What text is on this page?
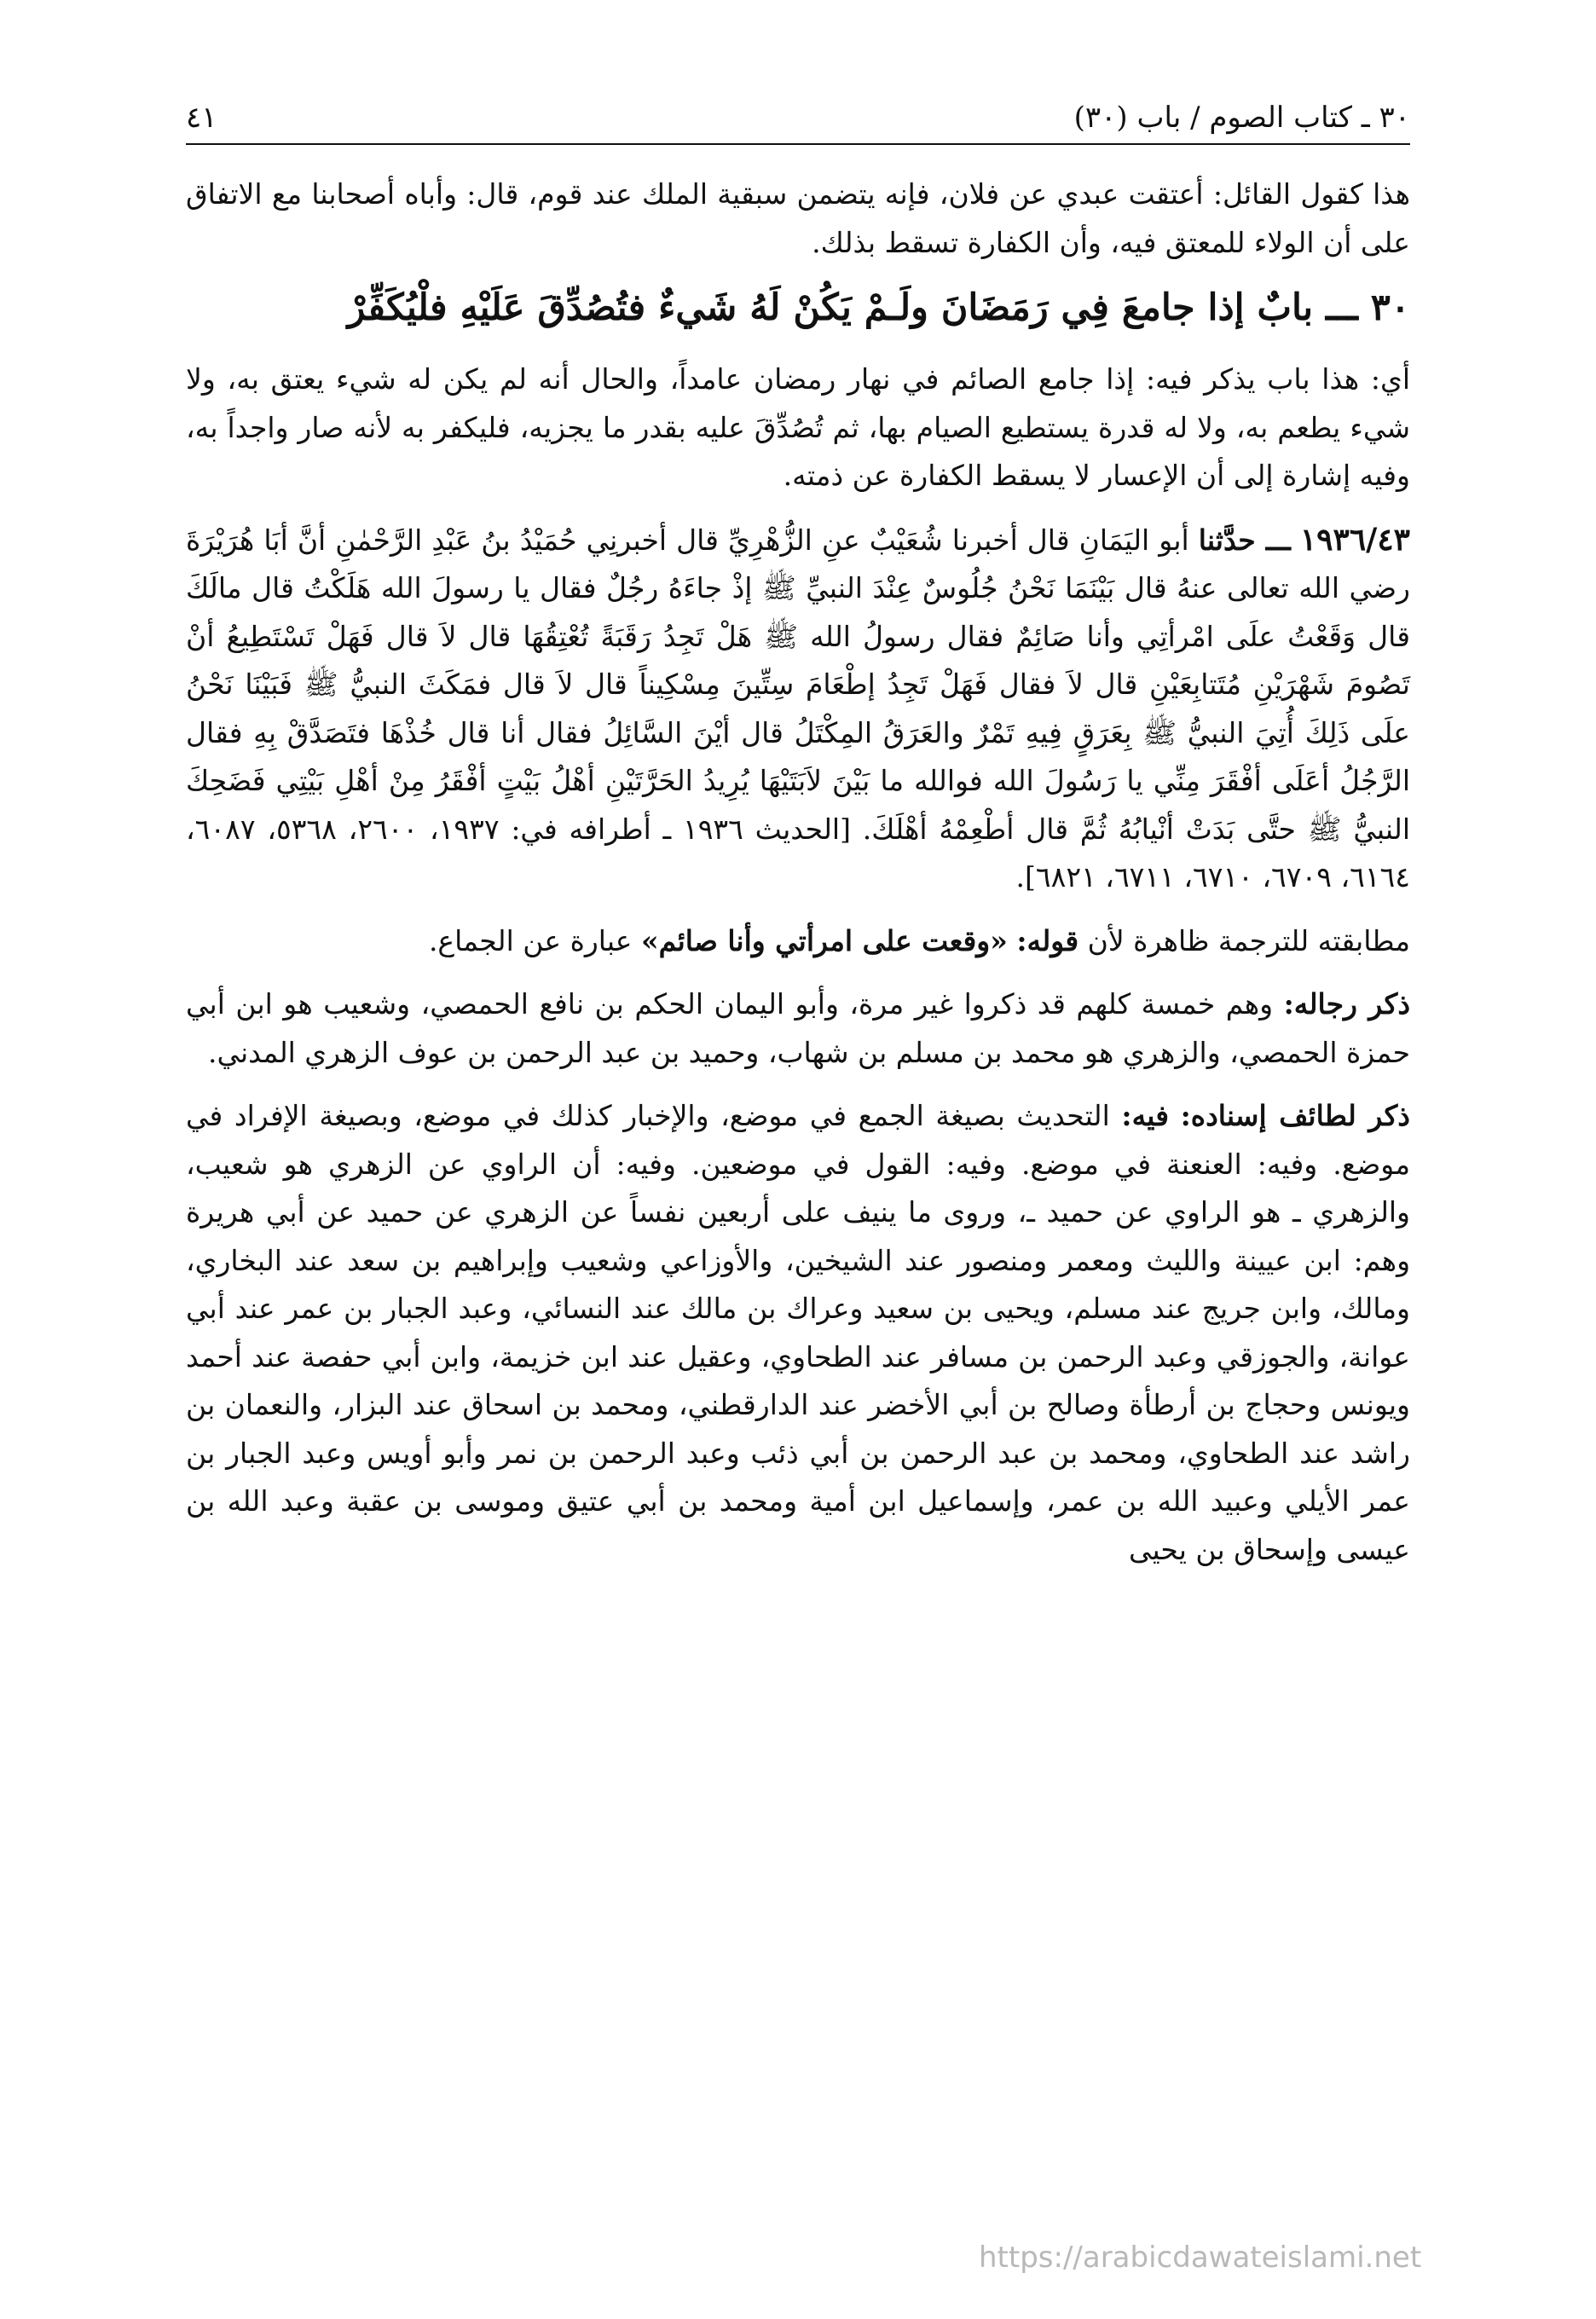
٣٠ ـ كتاب الصوم / باب (٣٠)
٤١

هذا كقول القائل: أعتقت عبدي عن فلان، فإنه يتضمن سبقية الملك عند قوم، قال: وأباه أصحابنا مع الاتفاق على أن الولاء للمعتق فيه، وأن الكفارة تسقط بذلك.

٣٠ ـــ بابٌ إذا جامعَ فِي رَمَضَانَ ولَـمْ يَكُنْ لَهُ شَيءٌ فتُصُدِّقَ عَلَيْهِ فلْيُكَفِّرْ

أي: هذا باب يذكر فيه: إذا جامع الصائم في نهار رمضان عامداً، والحال أنه لم يكن له شيء يعتق به، ولا شيء يطعم به، ولا له قدرة يستطيع الصيام بها، ثم تُصُدِّقَ عليه بقدر ما يجزيه، فليكفر به لأنه صار واجداً به، وفيه إشارة إلى أن الإعسار لا يسقط الكفارة عن ذمته.

١٩٣٦/٤٣ ـــ حدَّثنا أبو اليَمَانِ قال أخبرنا شُعَيْبٌ عنِ الزُّهْرِيِّ قال أخبرنِي حُمَيْدُ بنُ عَبْدِ الرَّحْمٰنِ أنَّ أبَا هُرَيْرَةَ رضي الله تعالى عنهُ قال بَيْنَمَا نَحْنُ جُلُوسٌ عِنْدَ النبيِّ ﷺ إذْ جاءَهُ رجُلٌ فقال يا رسولَ الله هَلَكْتُ قال مالَكَ قال وَقَعْتُ علَى امْرأتِي وأنا صَائِمٌ فقال رسولُ الله ﷺ هَلْ تَجِدُ رَقَبَةً تُعْتِقُهَا قال لاَ قال فَهَلْ تَسْتَطِيعُ أنْ تَصُومَ شَهْرَيْنِ مُتَتابِعَيْنِ قال لاَ فقال فَهَلْ تَجِدُ إطْعَامَ سِتِّينَ مِسْكِيناً قال لاَ قال فمَكَثَ النبيُّ ﷺ فَبَيْنَا نَحْنُ علَى ذَلِكَ أُتِيَ النبيُّ ﷺ بِعَرَقٍ فِيهِ تَمْرٌ والعَرَقُ المِكْتَلُ قال أيْنَ السَّائِلُ فقال أنا قال خُذْهَا فتَصَدَّقْ بِهِ فقال الرَّجُلُ أعَلَى أفْقَرَ مِنِّي يا رَسُولَ الله فوالله ما بَيْنَ لاَبَتَيْهَا يُرِيدُ الحَرَّتَيْنِ أهْلُ بَيْتٍ أفْقَرُ مِنْ أهْلِ بَيْتِي فَضَحِكَ النبيُّ ﷺ حتَّى بَدَتْ أنْيابُهُ ثُمَّ قال أطْعِمْهُ أهْلَكَ. [الحديث ١٩٣٦ ـ أطرافه في: ١٩٣٧، ٢٦٠٠، ٥٣٦٨، ٦٠٨٧، ٦١٦٤، ٦٧٠٩، ٦٧١٠، ٦٧١١، ٦٨٢١].

مطابقته للترجمة ظاهرة لأن قوله: «وقعت على امرأتي وأنا صائم» عبارة عن الجماع.

ذكر رجاله: وهم خمسة كلهم قد ذكروا غير مرة، وأبو اليمان الحكم بن نافع الحمصي، وشعيب هو ابن أبي حمزة الحمصي، والزهري هو محمد بن مسلم بن شهاب، وحميد بن عبد الرحمن بن عوف الزهري المدني.

ذكر لطائف إسناده: فيه: التحديث بصيغة الجمع في موضع، والإخبار كذلك في موضع، وبصيغة الإفراد في موضع. وفيه: العنعنة في موضع. وفيه: القول في موضعين. وفيه: أن الراوي عن الزهري هو شعيب، والزهري ـ هو الراوي عن حميد ـ، وروى ما ينيف على أربعين نفساً عن الزهري عن حميد عن أبي هريرة وهم: ابن عيينة والليث ومعمر ومنصور عند الشيخين، والأوزاعي وشعيب وإبراهيم بن سعد عند البخاري، ومالك، وابن جريج عند مسلم، ويحيى بن سعيد وعراك بن مالك عند النسائي، وعبد الجبار بن عمر عند أبي عوانة، والجوزقي وعبد الرحمن بن مسافر عند الطحاوي، وعقيل عند ابن خزيمة، وابن أبي حفصة عند أحمد ويونس وحجاج بن أرطأة وصالح بن أبي الأخضر عند الدارقطني، ومحمد بن اسحاق عند البزار، والنعمان بن راشد عند الطحاوي، ومحمد بن عبد الرحمن بن أبي ذئب وعبد الرحمن بن نمر وأبو أويس وعبد الجبار بن عمر الأيلي وعبيد الله بن عمر، وإسماعيل ابن أمية ومحمد بن أبي عتيق وموسى بن عقبة وعبد الله بن عيسى وإسحاق بن يحيى

https://arabicdawateislami.net
